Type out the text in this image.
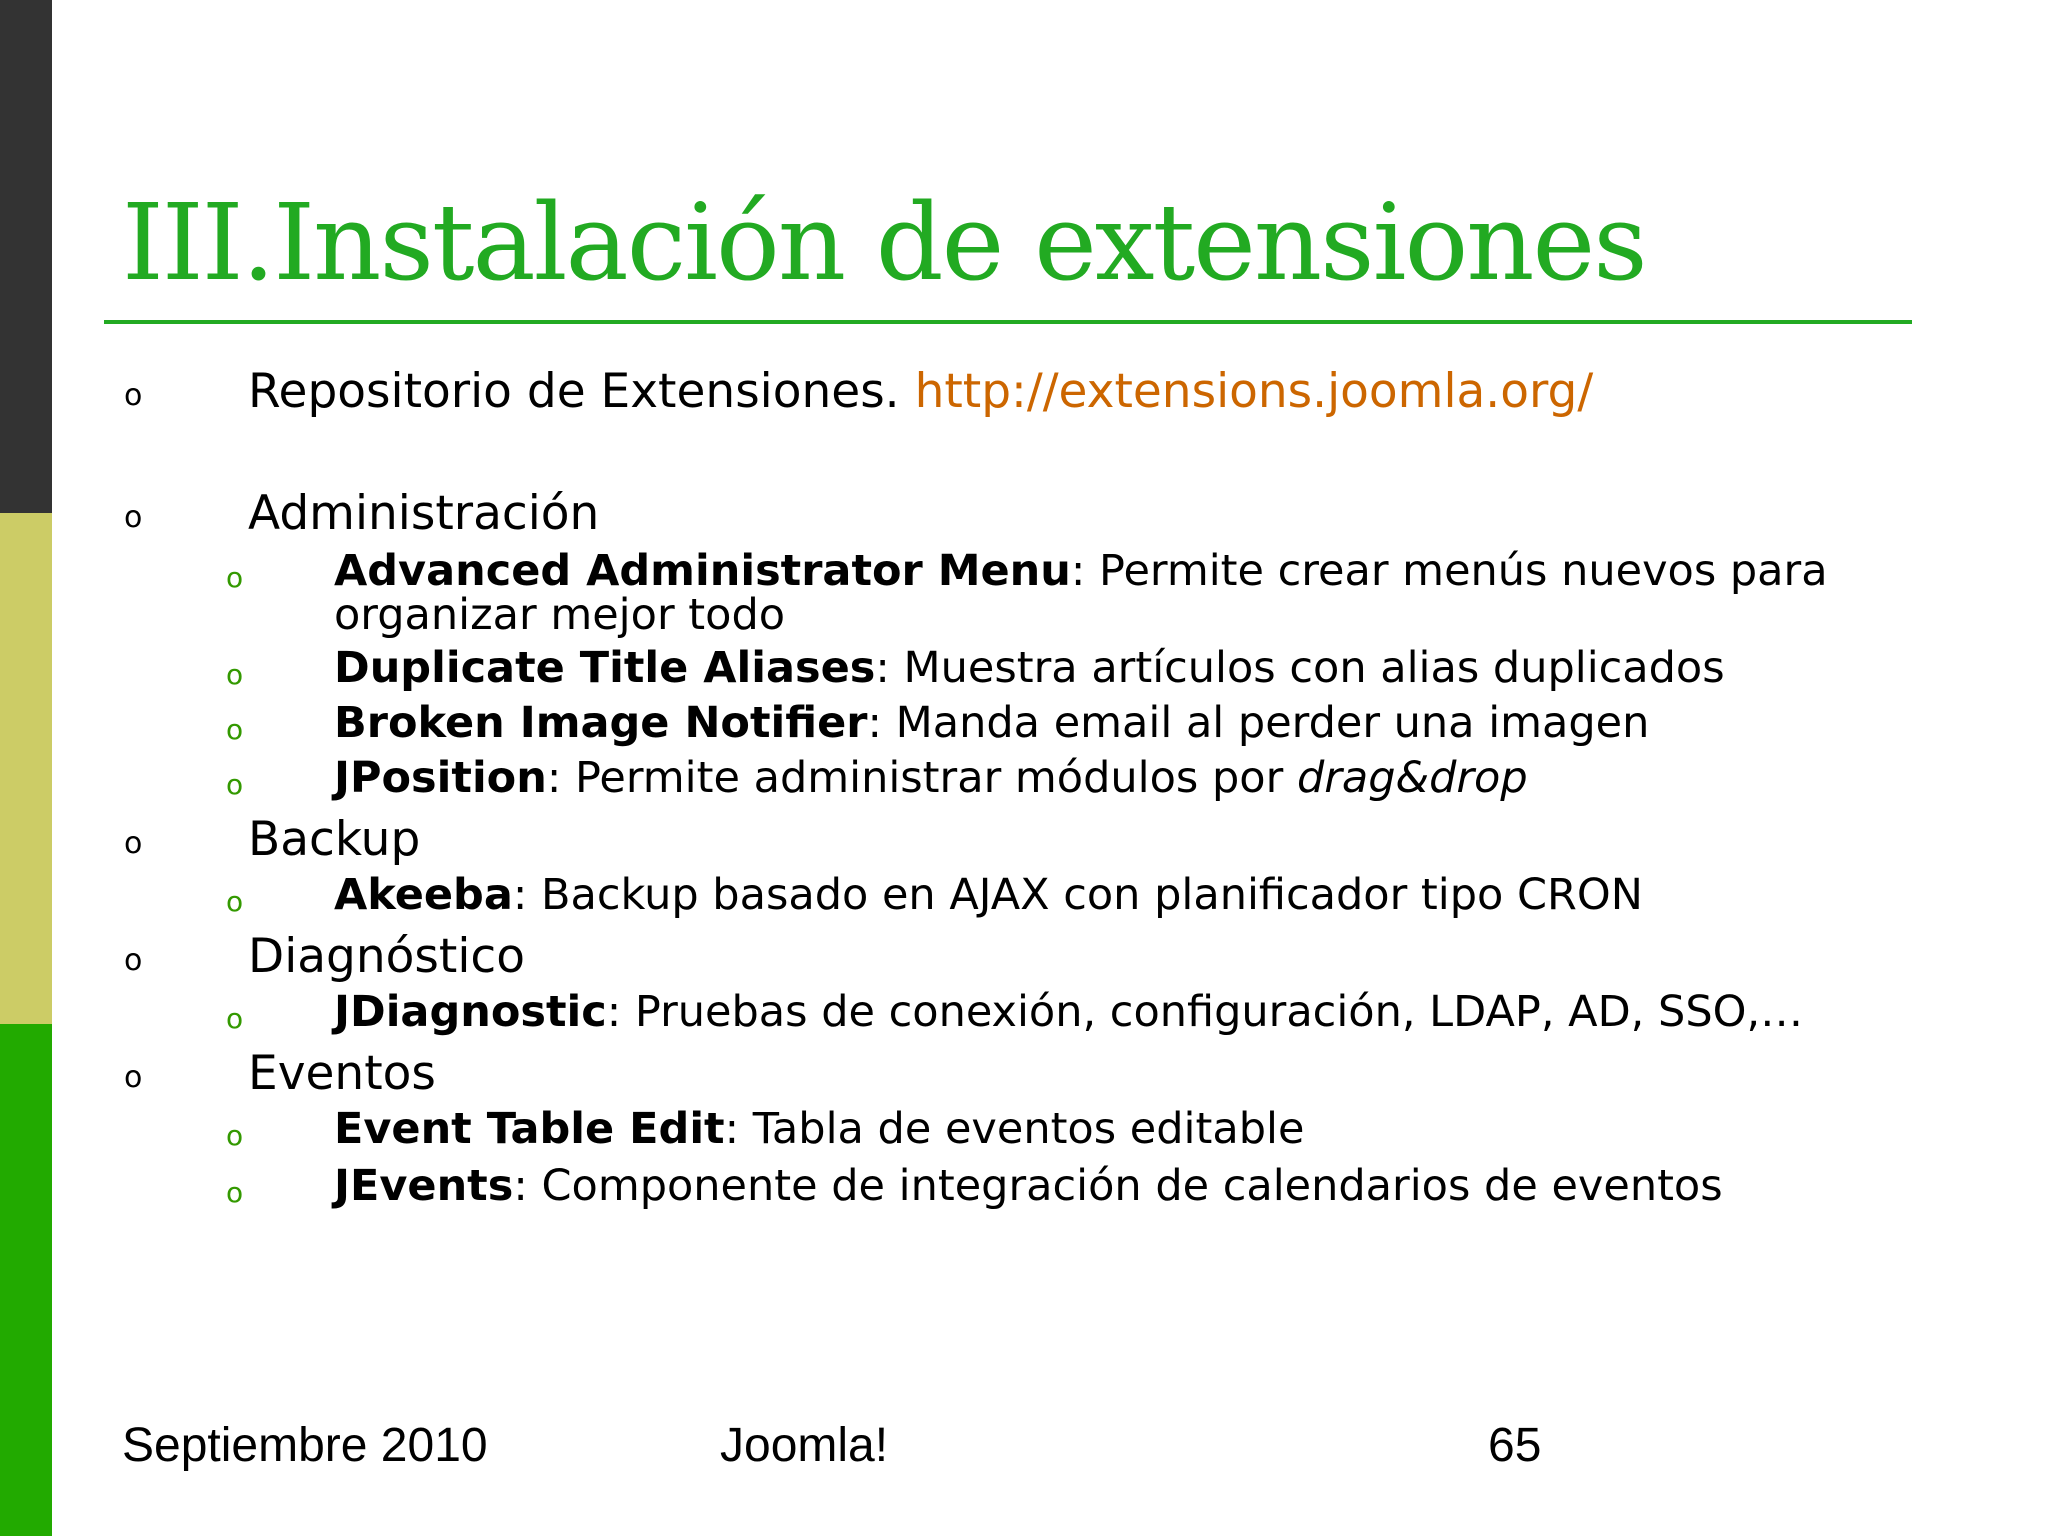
III.Instalación de extensiones
o Repositorio de Extensiones. http://extensions.joomla.org/
o Administración
o Advanced Administrator Menu: Permite crear menús nuevos para
organizar mejor todo
o Duplicate Title Aliases: Muestra artículos con alias duplicados
o Broken Image Notifier: Manda email al perder una imagen
o JPosition: Permite administrar módulos por drag&drop
o Backup
o Akeeba: Backup basado en AJAX con planificador tipo CRON
o Diagnóstico
o JDiagnostic: Pruebas de conexión, configuración, LDAP, AD, SSO,…
o Eventos
o Event Table Edit: Tabla de eventos editable
o JEvents: Componente de integración de calendarios de eventos
Septiembre 2010	Joomla!	65
